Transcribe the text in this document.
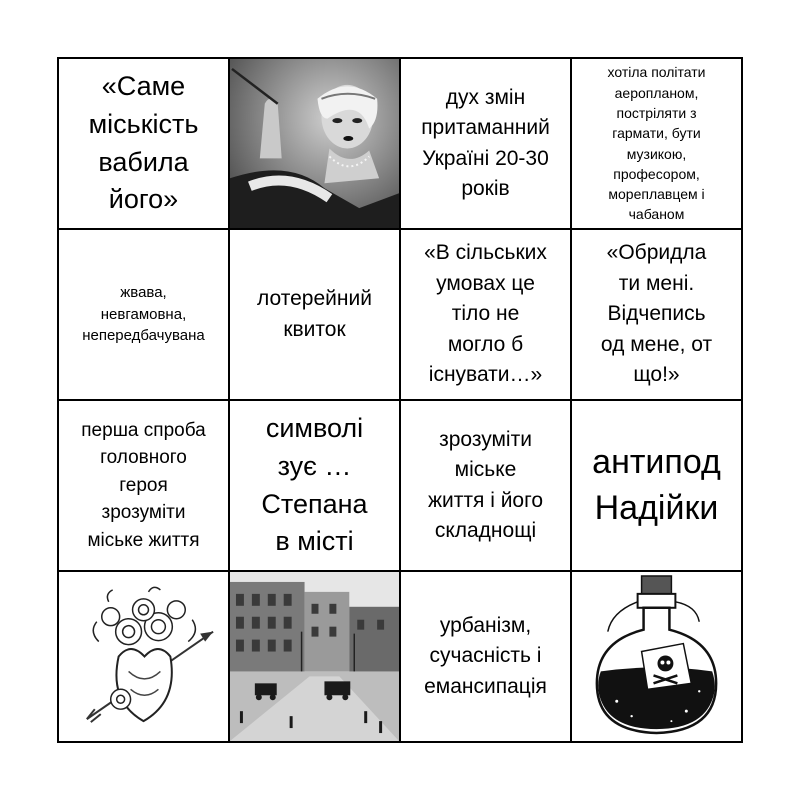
«Саме
міськість
вабила
його»
дух змін
притаманний
Україні 20-30
років
хотіла політати
аеропланом,
постріляти з
гармати, бути
музикою,
професором,
мореплавцем і
чабаном
жвава,
невгамовна,
непередбачувана
лотерейний
квиток
«В сільських
умовах це
тіло не
могло б
існувати…»
«Обридла
ти мені.
Відчепись
од мене, от
що!»
перша спроба
головного
героя
зрозуміти
міське життя
символі
зує …
Степана
в місті
зрозуміти
міське
життя і його
складнощі
антипод
Надійки
урбанізм,
сучасність і
емансипація
